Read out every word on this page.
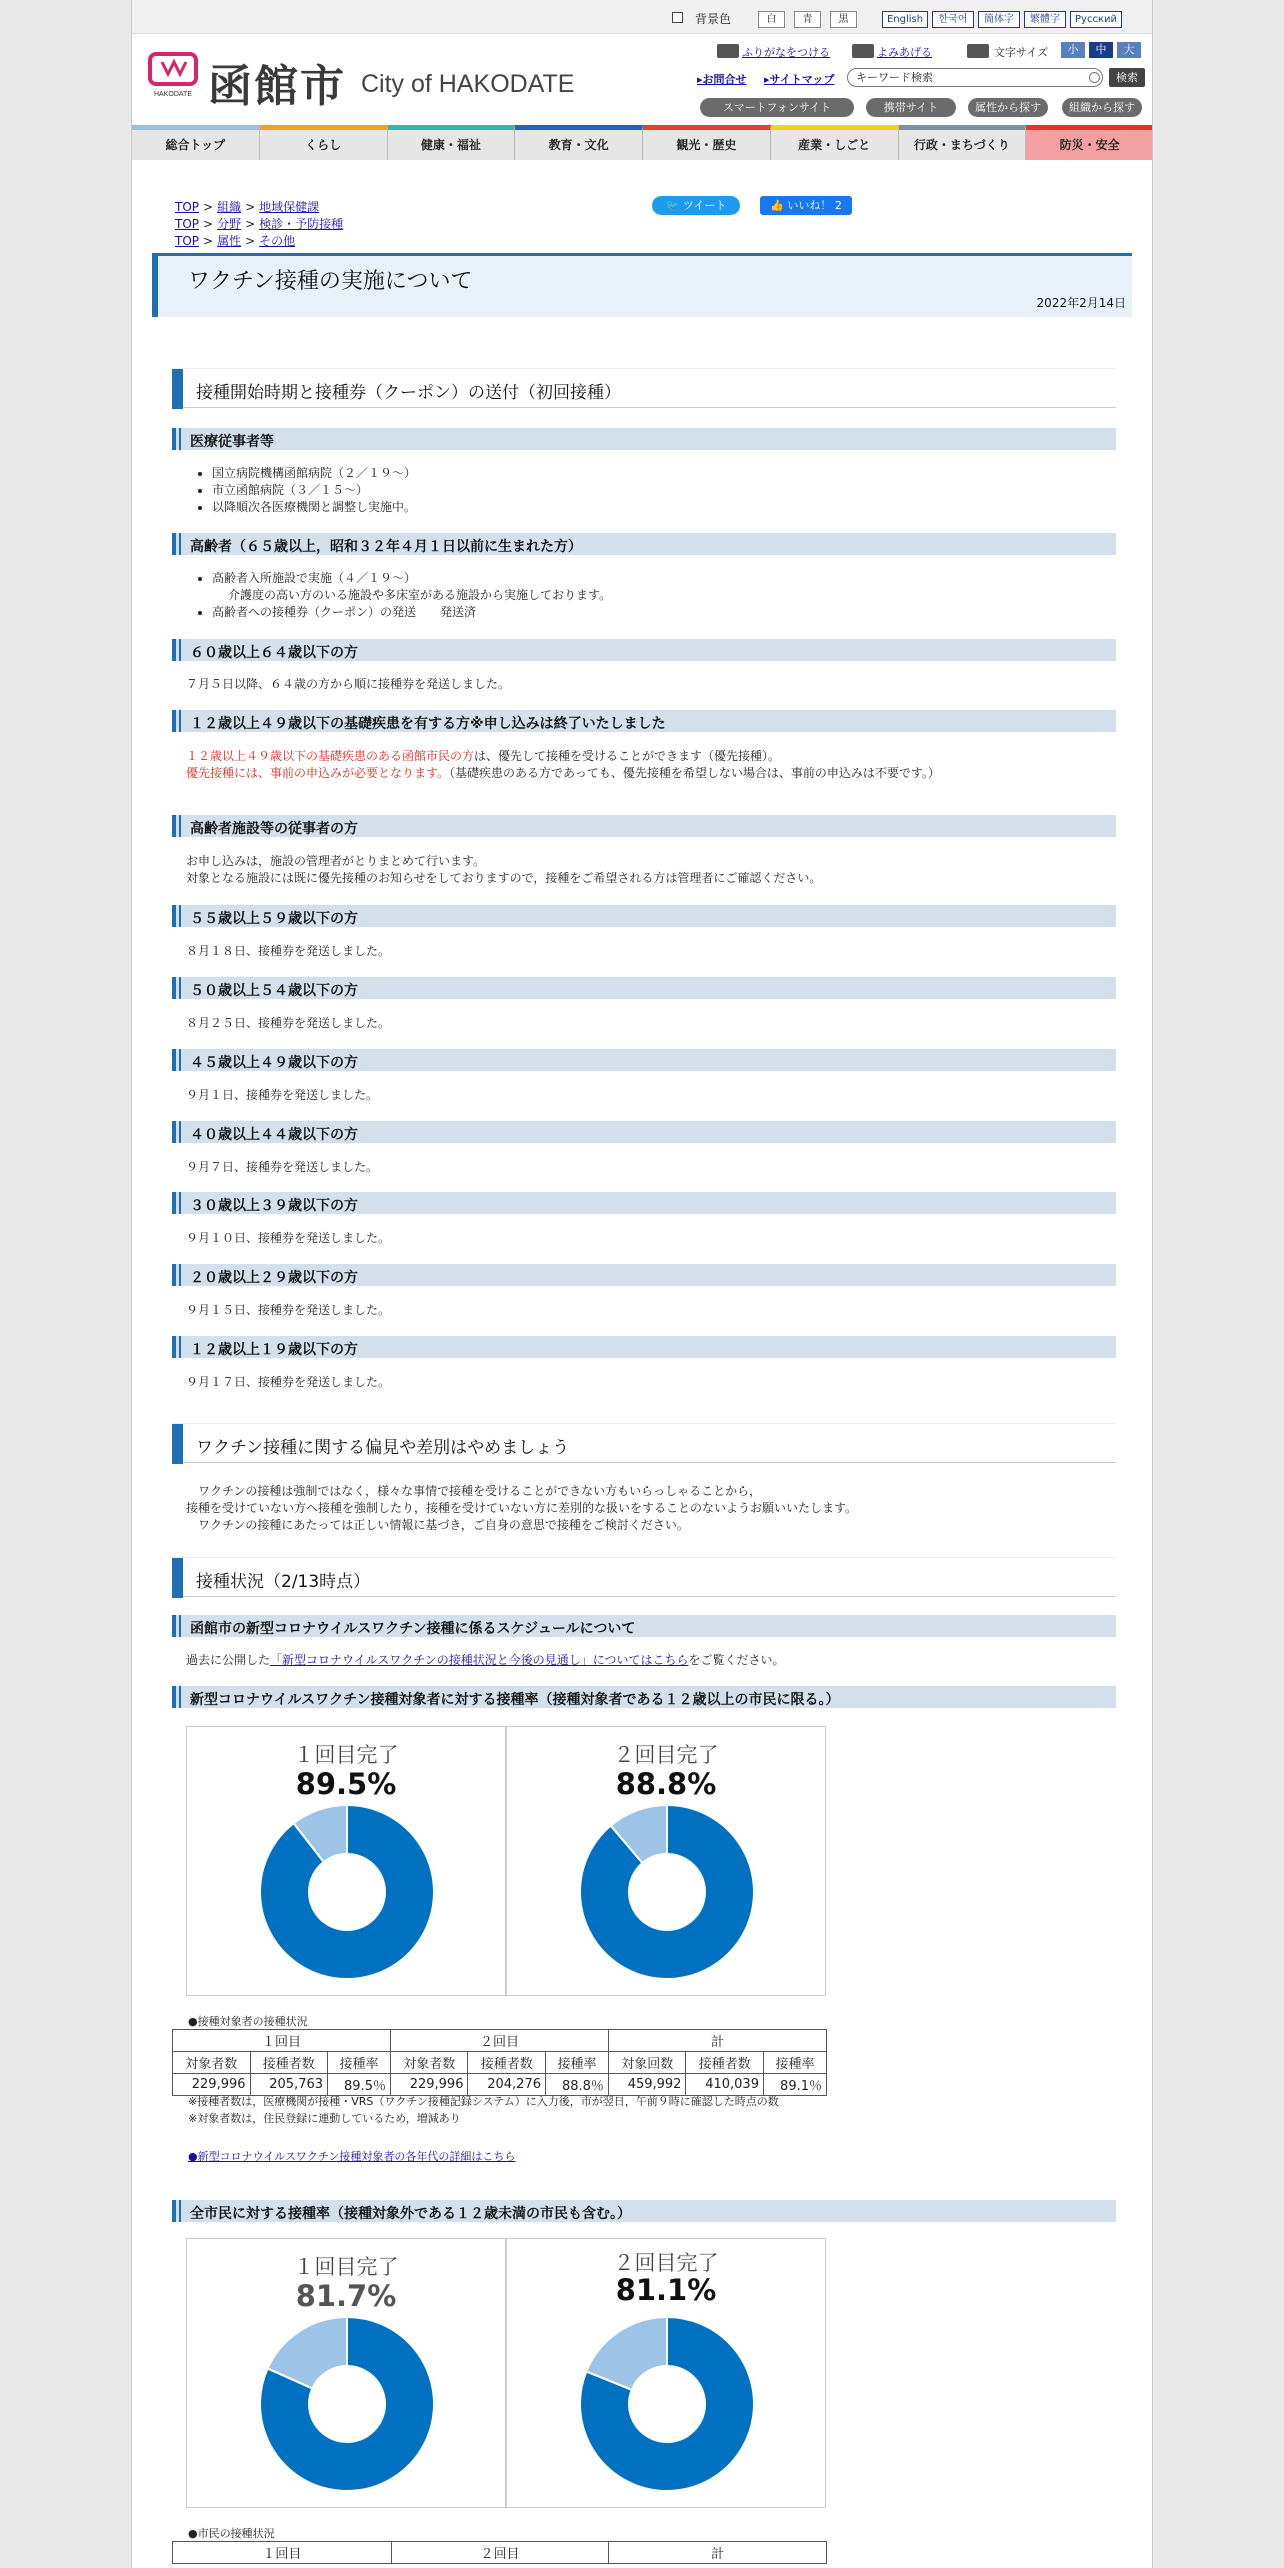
背景色	白	青	黒	English	한국어	簡体字	繁體字	Русский
HAKODATE 函館市 City of HAKODATE
ふりがなをつける	よみあげる	文字サイズ	小	中	大
▸お問合せ ▸サイトマップ	キーワード検索	検索
スマートフォンサイト	携帯サイト	属性から探す	組織から探す
総合トップ	くらし	健康・福祉	教育・文化	観光・歴史	産業・しごと	行政・まちづくり	防災・安全
TOP > 組織 > 地域保健課
TOP > 分野 > 検診・予防接種
TOP > 属性 > その他
🐦 ツイート	👍 いいね！ 2
ワクチン接種の実施について
2022年2月14日
接種開始時期と接種券（クーポン）の送付（初回接種）
医療従事者等
• 国立病院機構函館病院（２／１９～）
• 市立函館病院（３／１５～）
• 以降順次各医療機関と調整し実施中。
高齢者（６５歳以上，昭和３２年４月１日以前に生まれた方）
• 高齢者入所施設で実施（４／１９～）
介護度の高い方のいる施設や多床室がある施設から実施しております。
• 高齢者への接種券（クーポン）の発送　　発送済
６０歳以上６４歳以下の方
７月５日以降、６４歳の方から順に接種券を発送しました。
１２歳以上４９歳以下の基礎疾患を有する方※申し込みは終了いたしました
１２歳以上４９歳以下の基礎疾患のある函館市民の方は、優先して接種を受けることができます（優先接種）。
優先接種には、事前の申込みが必要となります。（基礎疾患のある方であっても、優先接種を希望しない場合は、事前の申込みは不要です。）
高齢者施設等の従事者の方
お申し込みは，施設の管理者がとりまとめて行います。
対象となる施設には既に優先接種のお知らせをしておりますので，接種をご希望される方は管理者にご確認ください。
５５歳以上５９歳以下の方
８月１８日、接種券を発送しました。
５０歳以上５４歳以下の方
８月２５日、接種券を発送しました。
４５歳以上４９歳以下の方
９月１日、接種券を発送しました。
４０歳以上４４歳以下の方
９月７日、接種券を発送しました。
３０歳以上３９歳以下の方
９月１０日、接種券を発送しました。
２０歳以上２９歳以下の方
９月１５日、接種券を発送しました。
１２歳以上１９歳以下の方
９月１７日、接種券を発送しました。
ワクチン接種に関する偏見や差別はやめましょう
ワクチンの接種は強制ではなく，様々な事情で接種を受けることができない方もいらっしゃることから，
接種を受けていない方へ接種を強制したり，接種を受けていない方に差別的な扱いをすることのないようお願いいたします。
ワクチンの接種にあたっては正しい情報に基づき，ご自身の意思で接種をご検討ください。
接種状況（2/13時点）
函館市の新型コロナウイルスワクチン接種に係るスケジュールについて
過去に公開した「新型コロナウイルスワクチンの接種状況と今後の見通し」についてはこちらをご覧ください。
新型コロナウイルスワクチン接種対象者に対する接種率（接種対象者である１２歳以上の市民に限る。）
１回目完了
89.5%
２回目完了
88.8%
●接種対象者の接種状況
１回目			２回目			計		
対象者数	接種者数	接種率	対象者数	接種者数	接種率	対象回数	接種者数	接種率
229,996	205,763	89.5％	229,996	204,276	88.8％	459,992	410,039	89.1％
※接種者数は，医療機関が接種・VRS（ワクチン接種記録システム）に入力後，市が翌日，午前９時に確認した時点の数
※対象者数は，住民登録に連動しているため，増減あり
●新型コロナウイルスワクチン接種対象者の各年代の詳細はこちら
全市民に対する接種率（接種対象外である１２歳未満の市民も含む。）
１回目完了
81.7%
２回目完了
81.1%
●市民の接種状況
１回目	２回目	計
